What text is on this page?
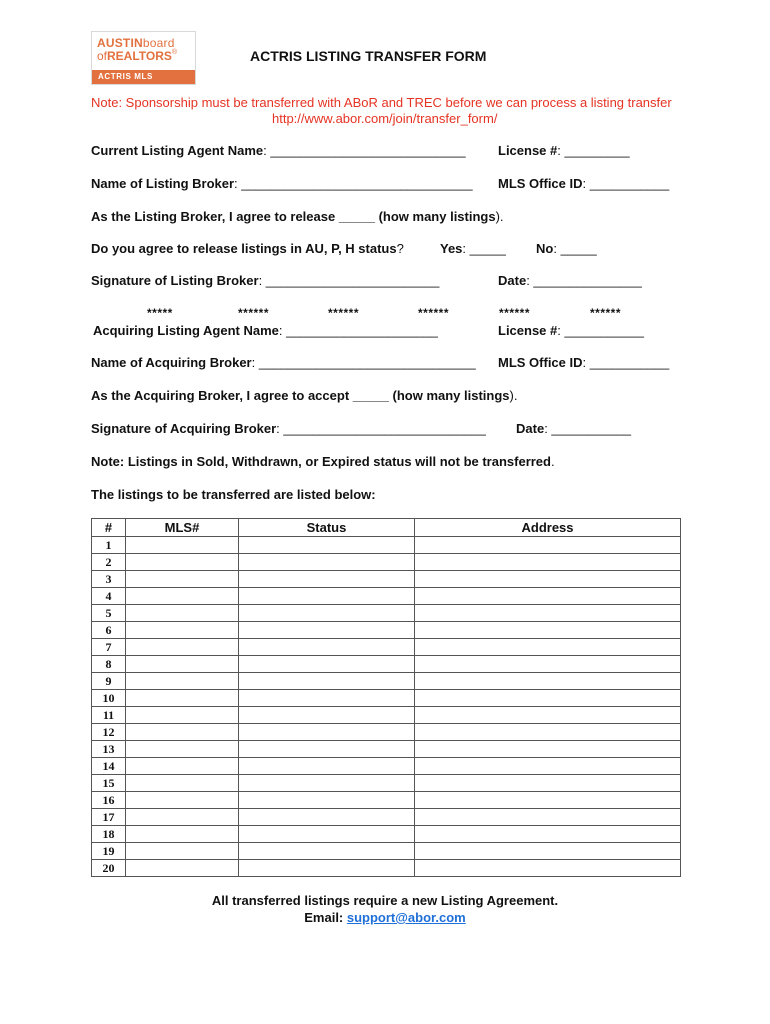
AUSTINboard
ofREALTORS®
ACTRIS MLS
ACTRIS LISTING TRANSFER FORM
Note: Sponsorship must be transferred with ABoR and TREC before we can process a listing transfer
http://www.abor.com/join/transfer_form/
Current Listing Agent Name: ___________________________ License #: _________
Name of Listing Broker: ________________________________ MLS Office ID: ___________
As the Listing Broker, I agree to release _____ (how many listings).
Do you agree to release listings in AU, P, H status?	Yes: _____ No: _____
Signature of Listing Broker: ________________________	Date: _______________
*****	******	******	******	******	******
Acquiring Listing Agent Name: _____________________	License #: ___________
Name of Acquiring Broker: ______________________________ MLS Office ID: ___________
As the Acquiring Broker, I agree to accept _____ (how many listings).
Signature of Acquiring Broker: ____________________________ Date: ___________
Note: Listings in Sold, Withdrawn, or Expired status will not be transferred.
The listings to be transferred are listed below:
#	MLS#	Status	Address
1			
2			
3			
4			
5			
6			
7			
8			
9			
10			
11			
12			
13			
14			
15			
16			
17			
18			
19			
20			
All transferred listings require a new Listing Agreement.
Email: support@abor.com
